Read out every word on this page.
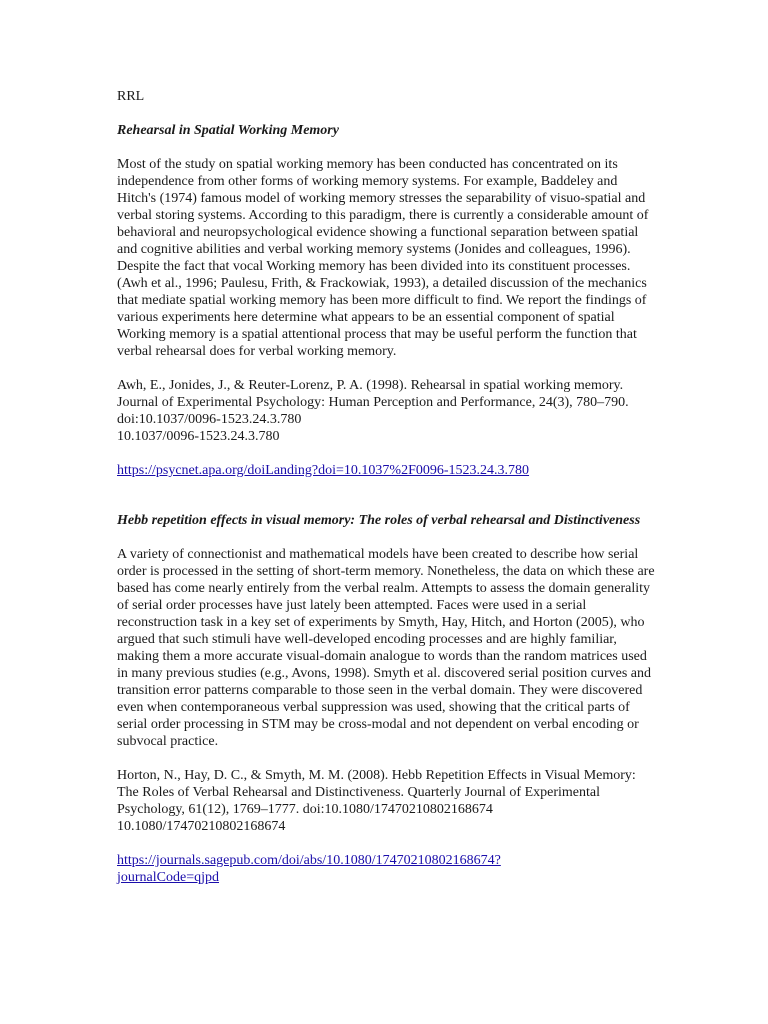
RRL

Rehearsal in Spatial Working Memory

Most of the study on spatial working memory has been conducted has concentrated on its independence from other forms of working memory systems. For example, Baddeley and Hitch's (1974) famous model of working memory stresses the separability of visuo-spatial and verbal storing systems. According to this paradigm, there is currently a considerable amount of behavioral and neuropsychological evidence showing a functional separation between spatial and cognitive abilities and verbal working memory systems (Jonides and colleagues, 1996). Despite the fact that vocal Working memory has been divided into its constituent processes. (Awh et al., 1996; Paulesu, Frith, & Frackowiak, 1993), a detailed discussion of the mechanics that mediate spatial working memory has been more difficult to find. We report the findings of various experiments here determine what appears to be an essential component of spatial Working memory is a spatial attentional process that may be useful perform the function that verbal rehearsal does for verbal working memory.

Awh, E., Jonides, J., & Reuter-Lorenz, P. A. (1998). Rehearsal in spatial working memory. Journal of Experimental Psychology: Human Perception and Performance, 24(3), 780–790. doi:10.1037/0096-1523.24.3.780

10.1037/0096-1523.24.3.780

https://psycnet.apa.org/doiLanding?doi=10.1037%2F0096-1523.24.3.780

Hebb repetition effects in visual memory: The roles of verbal rehearsal and Distinctiveness

A variety of connectionist and mathematical models have been created to describe how serial order is processed in the setting of short-term memory. Nonetheless, the data on which these are based has come nearly entirely from the verbal realm. Attempts to assess the domain generality of serial order processes have just lately been attempted. Faces were used in a serial reconstruction task in a key set of experiments by Smyth, Hay, Hitch, and Horton (2005), who argued that such stimuli have well-developed encoding processes and are highly familiar, making them a more accurate visual-domain analogue to words than the random matrices used in many previous studies (e.g., Avons, 1998). Smyth et al. discovered serial position curves and transition error patterns comparable to those seen in the verbal domain. They were discovered even when contemporaneous verbal suppression was used, showing that the critical parts of serial order processing in STM may be cross-modal and not dependent on verbal encoding or subvocal practice.

Horton, N., Hay, D. C., & Smyth, M. M. (2008). Hebb Repetition Effects in Visual Memory: The Roles of Verbal Rehearsal and Distinctiveness. Quarterly Journal of Experimental Psychology, 61(12), 1769–1777. doi:10.1080/17470210802168674

10.1080/17470210802168674

https://journals.sagepub.com/doi/abs/10.1080/17470210802168674?
journalCode=qjpd
